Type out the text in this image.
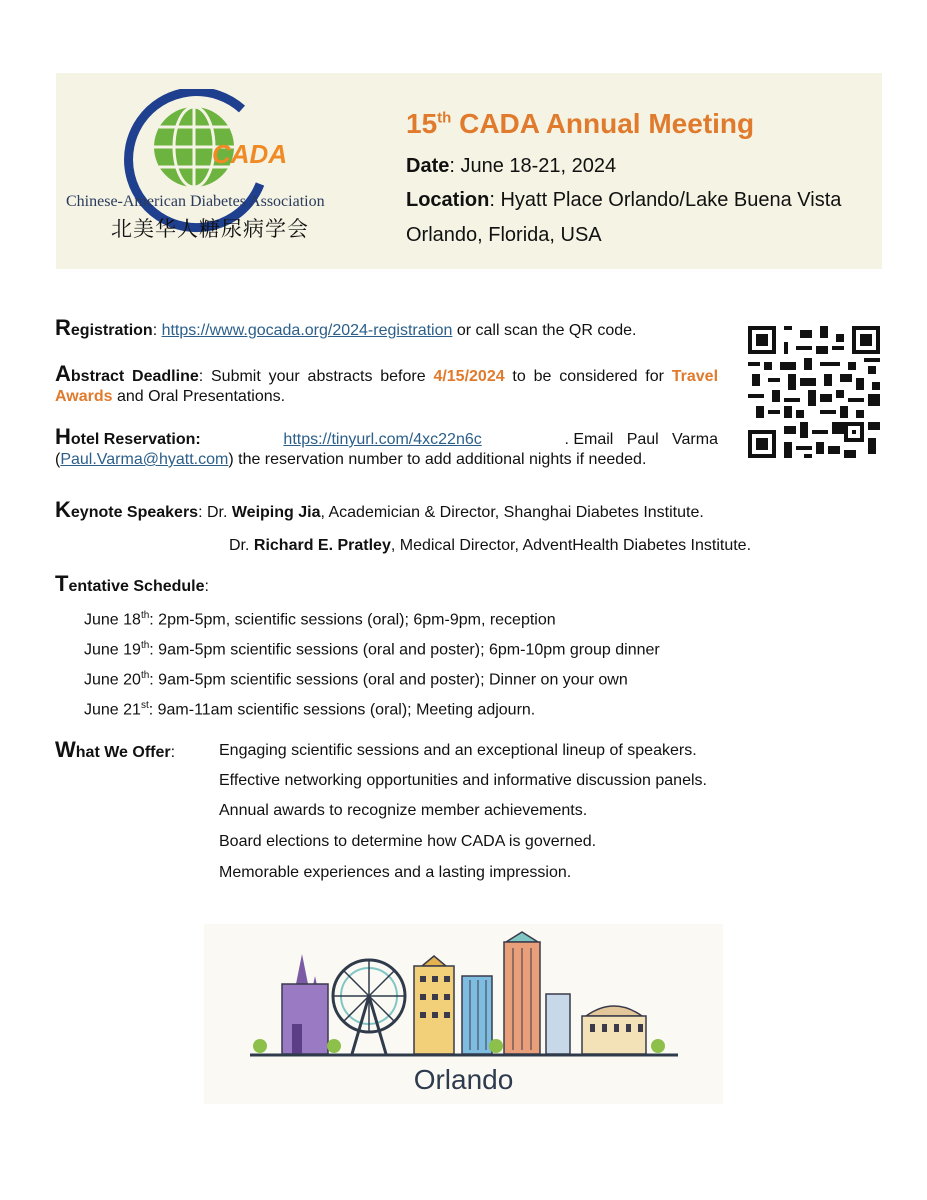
CADA
Chinese-American Diabetes Association
北美华人糖尿病学会
15th CADA Annual Meeting
Date: June 18-21, 2024
Location: Hyatt Place Orlando/Lake Buena Vista
Orlando, Florida, USA
Registration: https://www.gocada.org/2024-registration or call scan the QR code.
Abstract Deadline: Submit your abstracts before 4/15/2024 to be considered for Travel Awards and Oral Presentations.
Hotel Reservation:	https://tinyurl.com/4xc22n6c	. Email   Paul   Varma
(Paul.Varma@hyatt.com) the reservation number to add additional nights if needed.
Keynote Speakers: Dr. Weiping Jia, Academician & Director, Shanghai Diabetes Institute.
Dr. Richard E. Pratley, Medical Director, AdventHealth Diabetes Institute.
Tentative Schedule:
June 18th: 2pm-5pm, scientific sessions (oral); 6pm-9pm, reception
June 19th: 9am-5pm scientific sessions (oral and poster); 6pm-10pm group dinner
June 20th: 9am-5pm scientific sessions (oral and poster); Dinner on your own
June 21st: 9am-11am scientific sessions (oral); Meeting adjourn.
What We Offer:	Engaging scientific sessions and an exceptional lineup of speakers.
Effective networking opportunities and informative discussion panels.
Annual awards to recognize member achievements.
Board elections to determine how CADA is governed.
Memorable experiences and a lasting impression.
Orlando
